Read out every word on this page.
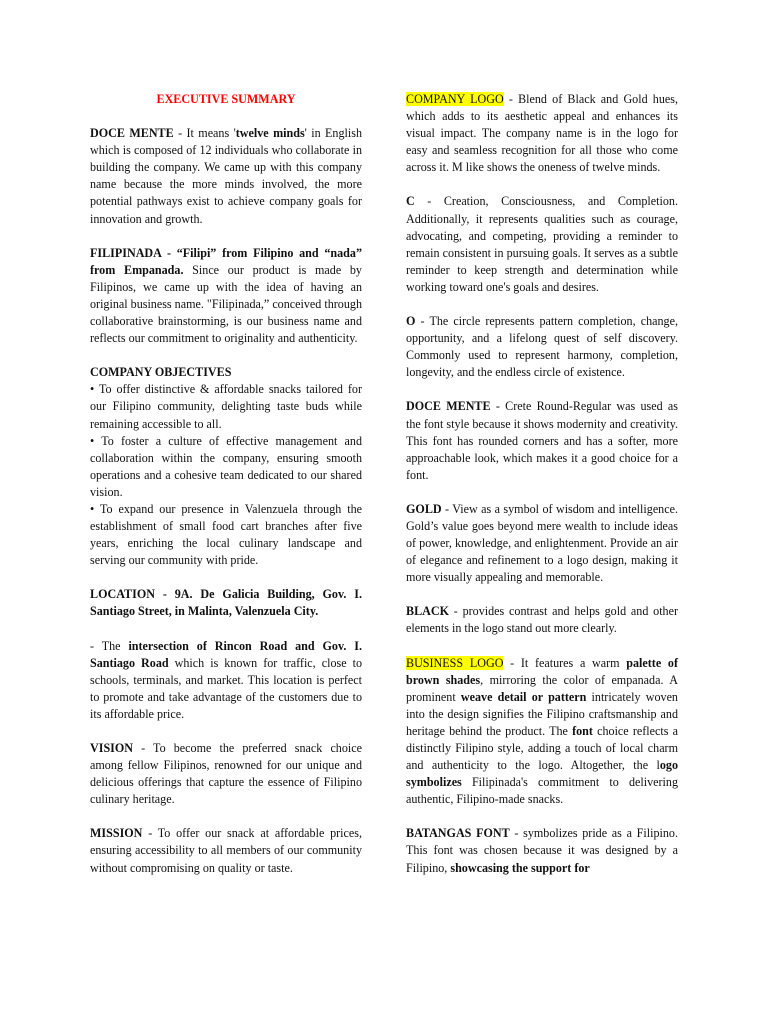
EXECUTIVE SUMMARY

DOCE MENTE - It means 'twelve minds' in English which is composed of 12 individuals who collaborate in building the company. We came up with this company name because the more minds involved, the more potential pathways exist to achieve company goals for innovation and growth.

FILIPINADA - “Filipi” from Filipino and “nada” from Empanada. Since our product is made by Filipinos, we came up with the idea of having an original business name. "Filipinada,” conceived through collaborative brainstorming, is our business name and reflects our commitment to originality and authenticity.

COMPANY OBJECTIVES
• To offer distinctive & affordable snacks tailored for our Filipino community, delighting taste buds while remaining accessible to all.
• To foster a culture of effective management and collaboration within the company, ensuring smooth operations and a cohesive team dedicated to our shared vision.
• To expand our presence in Valenzuela through the establishment of small food cart branches after five years, enriching the local culinary landscape and serving our community with pride.

LOCATION - 9A. De Galicia Building, Gov. I. Santiago Street, in Malinta, Valenzuela City.

- The intersection of Rincon Road and Gov. I. Santiago Road which is known for traffic, close to schools, terminals, and market. This location is perfect to promote and take advantage of the customers due to its affordable price.

VISION - To become the preferred snack choice among fellow Filipinos, renowned for our unique and delicious offerings that capture the essence of Filipino culinary heritage.

MISSION - To offer our snack at affordable prices, ensuring accessibility to all members of our community without compromising on quality or taste.

COMPANY LOGO - Blend of Black and Gold hues, which adds to its aesthetic appeal and enhances its visual impact. The company name is in the logo for easy and seamless recognition for all those who come across it. M like shows the oneness of twelve minds.

C - Creation, Consciousness, and Completion. Additionally, it represents qualities such as courage, advocating, and competing, providing a reminder to remain consistent in pursuing goals. It serves as a subtle reminder to keep strength and determination while working toward one's goals and desires.

O - The circle represents pattern completion, change, opportunity, and a lifelong quest of self discovery. Commonly used to represent harmony, completion, longevity, and the endless circle of existence.

DOCE MENTE - Crete Round-Regular was used as the font style because it shows modernity and creativity. This font has rounded corners and has a softer, more approachable look, which makes it a good choice for a font.

GOLD - View as a symbol of wisdom and intelligence. Gold’s value goes beyond mere wealth to include ideas of power, knowledge, and enlightenment. Provide an air of elegance and refinement to a logo design, making it more visually appealing and memorable.

BLACK - provides contrast and helps gold and other elements in the logo stand out more clearly.

BUSINESS LOGO - It features a warm palette of brown shades, mirroring the color of empanada. A prominent weave detail or pattern intricately woven into the design signifies the Filipino craftsmanship and heritage behind the product. The font choice reflects a distinctly Filipino style, adding a touch of local charm and authenticity to the logo. Altogether, the logo symbolizes Filipinada's commitment to delivering authentic, Filipino-made snacks.

BATANGAS FONT - symbolizes pride as a Filipino. This font was chosen because it was designed by a Filipino, showcasing the support for
